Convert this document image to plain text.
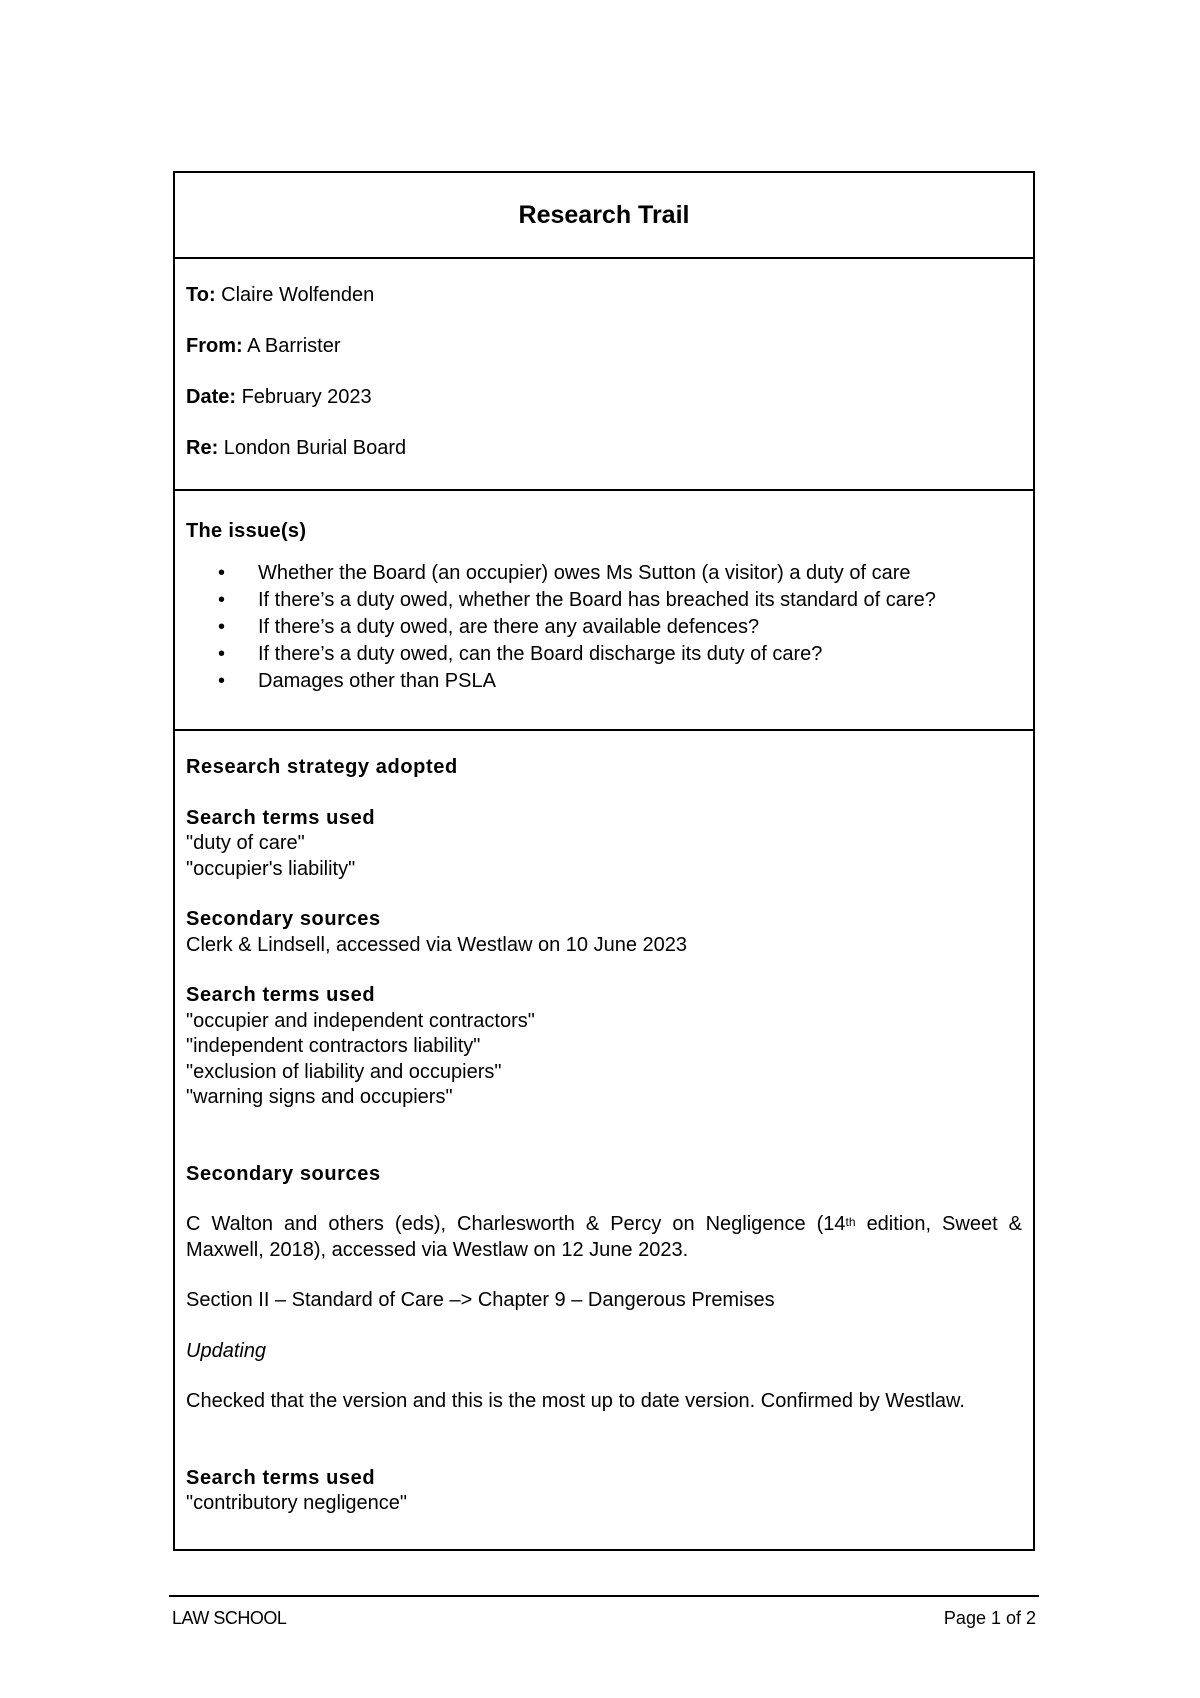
Research Trail

To: Claire Wolfenden

From: A Barrister

Date: February 2023

Re: London Burial Board

The issue(s)
• Whether the Board (an occupier) owes Ms Sutton (a visitor) a duty of care
• If there’s a duty owed, whether the Board has breached its standard of care?
• If there’s a duty owed, are there any available defences?
• If there’s a duty owed, can the Board discharge its duty of care?
• Damages other than PSLA
Research strategy adopted
Search terms used
"duty of care"
"occupier's liability"
Secondary sources
Clerk & Lindsell, accessed via Westlaw on 10 June 2023
Search terms used
"occupier and independent contractors"
"independent contractors liability"
"exclusion of liability and occupiers"
"warning signs and occupiers"
Secondary sources
C Walton and others (eds), Charlesworth & Percy on Negligence (14th edition, Sweet & Maxwell, 2018), accessed via Westlaw on 12 June 2023.
Section II – Standard of Care –> Chapter 9 – Dangerous Premises
Updating
Checked that the version and this is the most up to date version. Confirmed by Westlaw.
Search terms used
"contributory negligence"
LAW SCHOOL	Page 1 of 2
